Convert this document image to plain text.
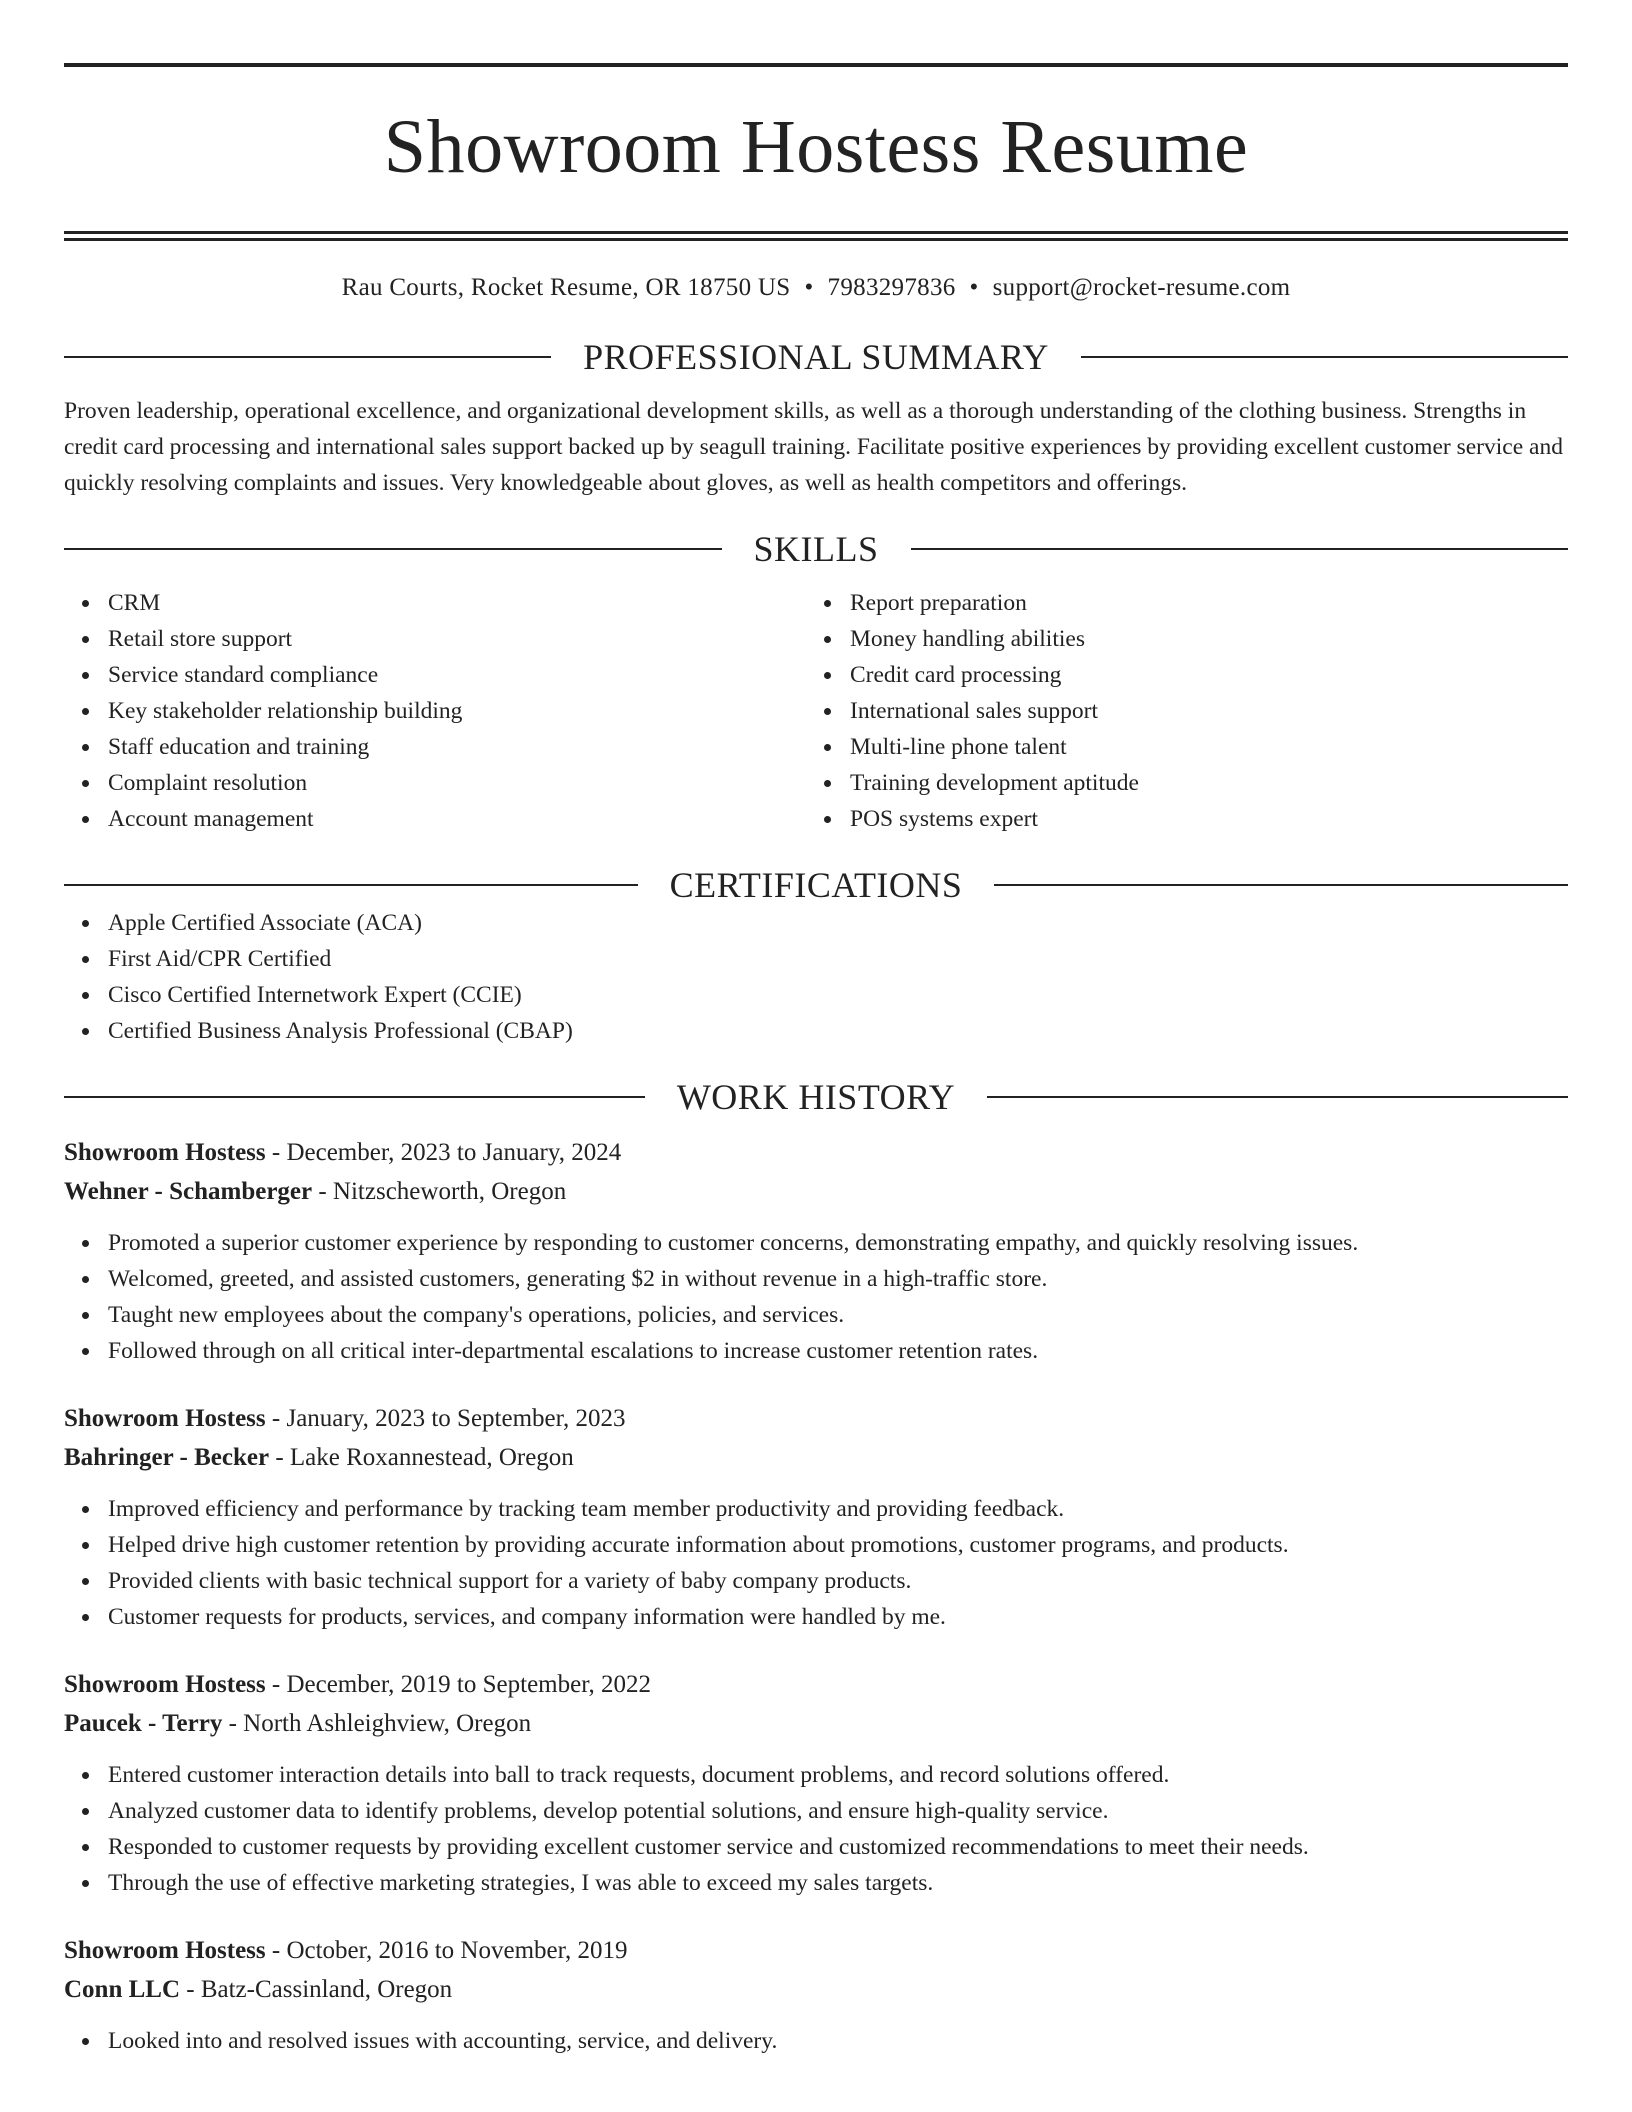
Showroom Hostess Resume
Rau Courts, Rocket Resume, OR 18750 US • 7983297836 • support@rocket-resume.com
PROFESSIONAL SUMMARY
Proven leadership, operational excellence, and organizational development skills, as well as a thorough understanding of the clothing business. Strengths in credit card processing and international sales support backed up by seagull training. Facilitate positive experiences by providing excellent customer service and quickly resolving complaints and issues. Very knowledgeable about gloves, as well as health competitors and offerings.
SKILLS
CRM
Retail store support
Service standard compliance
Key stakeholder relationship building
Staff education and training
Complaint resolution
Account management
Report preparation
Money handling abilities
Credit card processing
International sales support
Multi-line phone talent
Training development aptitude
POS systems expert
CERTIFICATIONS
Apple Certified Associate (ACA)
First Aid/CPR Certified
Cisco Certified Internetwork Expert (CCIE)
Certified Business Analysis Professional (CBAP)
WORK HISTORY
Showroom Hostess - December, 2023 to January, 2024
Wehner - Schamberger - Nitzscheworth, Oregon
Promoted a superior customer experience by responding to customer concerns, demonstrating empathy, and quickly resolving issues.
Welcomed, greeted, and assisted customers, generating $2 in without revenue in a high-traffic store.
Taught new employees about the company's operations, policies, and services.
Followed through on all critical inter-departmental escalations to increase customer retention rates.
Showroom Hostess - January, 2023 to September, 2023
Bahringer - Becker - Lake Roxannestead, Oregon
Improved efficiency and performance by tracking team member productivity and providing feedback.
Helped drive high customer retention by providing accurate information about promotions, customer programs, and products.
Provided clients with basic technical support for a variety of baby company products.
Customer requests for products, services, and company information were handled by me.
Showroom Hostess - December, 2019 to September, 2022
Paucek - Terry - North Ashleighview, Oregon
Entered customer interaction details into ball to track requests, document problems, and record solutions offered.
Analyzed customer data to identify problems, develop potential solutions, and ensure high-quality service.
Responded to customer requests by providing excellent customer service and customized recommendations to meet their needs.
Through the use of effective marketing strategies, I was able to exceed my sales targets.
Showroom Hostess - October, 2016 to November, 2019
Conn LLC - Batz-Cassinland, Oregon
Looked into and resolved issues with accounting, service, and delivery.
